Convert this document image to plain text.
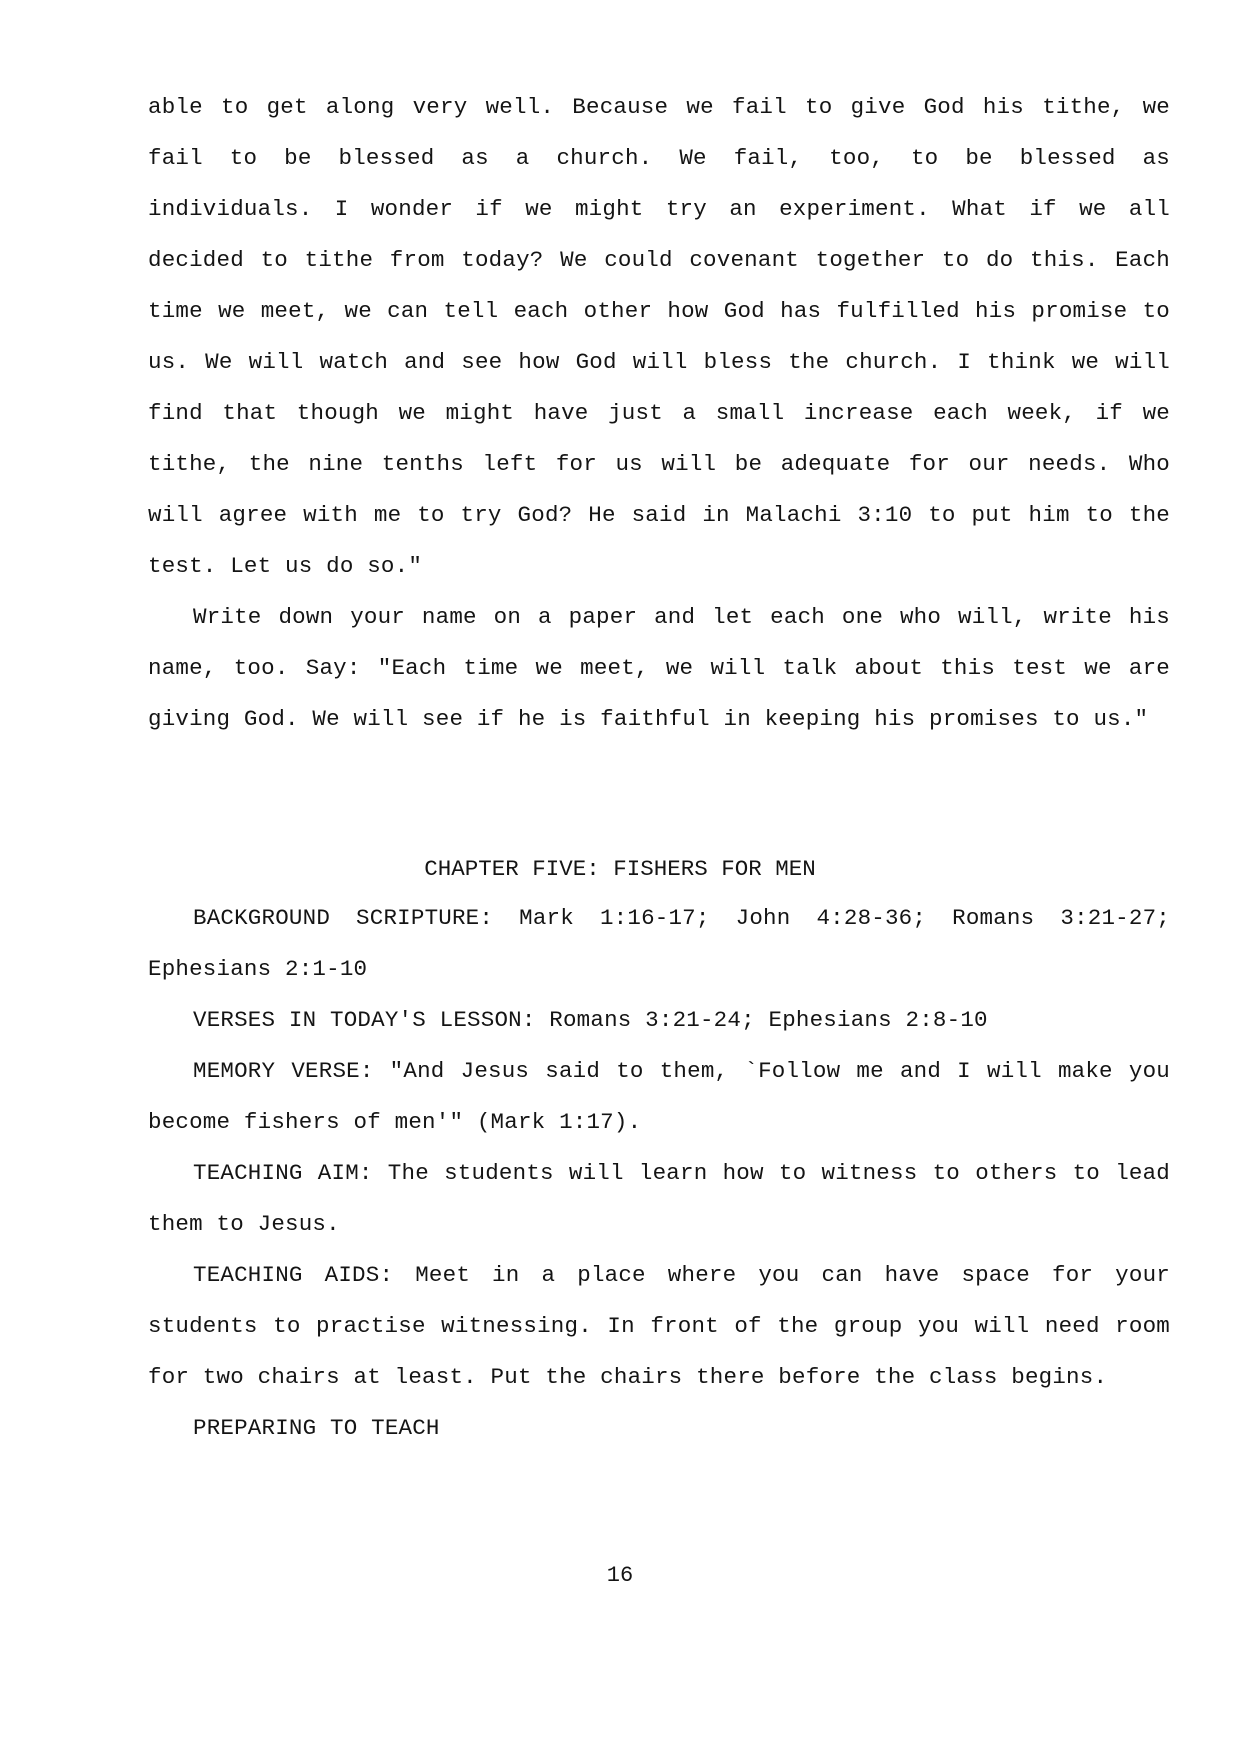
able to get along very well. Because we fail to give God his tithe, we fail to be blessed as a church. We fail, too, to be blessed as individuals. I wonder if we might try an experiment. What if we all decided to tithe from today? We could covenant together to do this. Each time we meet, we can tell each other how God has fulfilled his promise to us. We will watch and see how God will bless the church. I think we will find that though we might have just a small increase each week, if we tithe, the nine tenths left for us will be adequate for our needs. Who will agree with me to try God? He said in Malachi 3:10 to put him to the test. Let us do so."

Write down your name on a paper and let each one who will, write his name, too. Say: "Each time we meet, we will talk about this test we are giving God. We will see if he is faithful in keeping his promises to us."

CHAPTER FIVE: FISHERS FOR MEN

BACKGROUND SCRIPTURE: Mark 1:16-17; John 4:28-36; Romans 3:21-27; Ephesians 2:1-10

VERSES IN TODAY'S LESSON: Romans 3:21-24; Ephesians 2:8-10

MEMORY VERSE: "And Jesus said to them, `Follow me and I will make you become fishers of men'" (Mark 1:17).

TEACHING AIM: The students will learn how to witness to others to lead them to Jesus.

TEACHING AIDS: Meet in a place where you can have space for your students to practise witnessing. In front of the group you will need room for two chairs at least. Put the chairs there before the class begins.

PREPARING TO TEACH

16
